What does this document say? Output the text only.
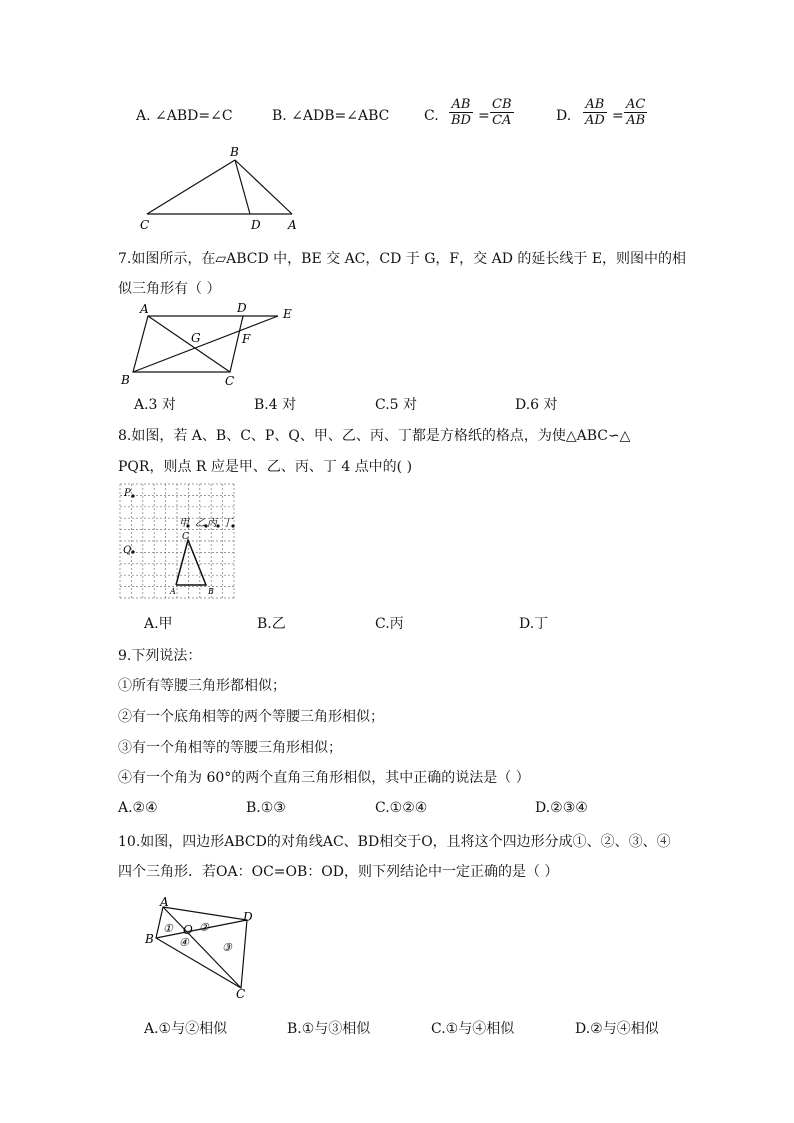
A. ∠ABD=∠C	B. ∠ADB=∠ABC C. $\frac{AB}{BD} = \frac{CB}{CA}$	D. $\frac{AB}{AD} = \frac{AC}{AB}$
B
C	D A
7.如图所示，在▱ABCD 中，BE 交 AC，CD 于 G，F，交 AD 的延长线于 E，则图中的相
似三角形有（ ）
A	D	E
G	F
B	C
A.3 对	B.4 对	C.5 对	D.6 对
8.如图，若 A、B、C、P、Q、甲、乙、丙、丁都是方格纸的格点，为使△ABC∽△
PQR，则点 R 应是甲、乙、丙、丁 4 点中的( )
P
Q
甲 乙 丙 丁
C
A	B
A.甲	B.乙	C.丙	D.丁
9.下列说法：
①所有等腰三角形都相似；
②有一个底角相等的两个等腰三角形相似；
③有一个角相等的等腰三角形相似；
④有一个角为 60°的两个直角三角形相似，其中正确的说法是（ ）
A.②④	B.①③	C.①②④	D.②③④
10.如图，四边形ABCD的对角线AC、BD相交于O，且将这个四边形分成①、②、③、④
四个三角形．若OA：OC=OB：OD，则下列结论中一定正确的是（ ）
A
D
B
O
C
① ②
③
④
A.①与②相似	B.①与③相似	C.①与④相似	D.②与④相似
